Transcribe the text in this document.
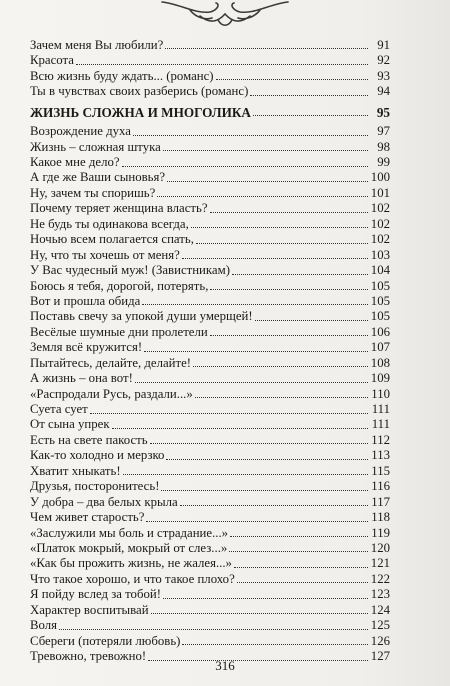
Зачем меня Вы любили?	91
Красота	92
Всю жизнь буду ждать... (романс)	93
Ты в чувствах своих разберись (романс)	94
ЖИЗНЬ СЛОЖНА И МНОГОЛИКА	95
Возрождение духа	97
Жизнь – сложная штука	98
Какое мне дело?	99
А где же Ваши сыновья?	100
Ну, зачем ты споришь?	101
Почему теряет женщина власть?	102
Не будь ты одинакова всегда,	102
Ночью всем полагается спать,	102
Ну, что ты хочешь от меня?	103
У Вас чудесный муж! (Завистникам)	104
Боюсь я тебя, дорогой, потерять,	105
Вот и прошла обида	105
Поставь свечу за упокой души умерщей!	105
Весёлые шумные дни пролетели	106
Земля всё кружится!	107
Пытайтесь, делайте, делайте!	108
А жизнь – она вот!	109
«Распродали Русь, раздали...»	110
Суета сует	111
От сына упрек	111
Есть на свете пакость	112
Как-то холодно и мерзко	113
Хватит хныкать!	115
Друзья, посторонитесь!	116
У добра – два белых крыла	117
Чем живет старость?	118
«Заслужили мы боль и страдание...»	119
«Платок мокрый, мокрый от слез...»	120
«Как бы прожить жизнь, не жалея...»	121
Что такое хорошо, и что такое плохо?	122
Я пойду вслед за тобой!	123
Характер воспитывай	124
Воля	125
Сбереги (потеряли любовь)	126
Тревожно, тревожно!	127
316
